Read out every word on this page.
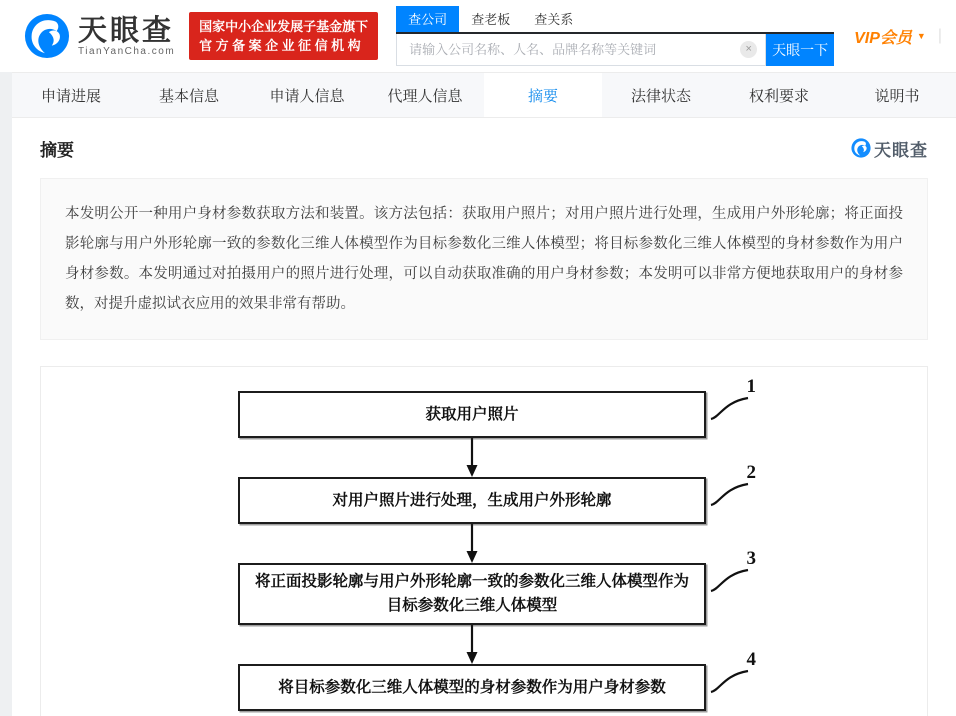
天眼查
TianYanCha.com
国家中小企业发展子基金旗下
官方备案企业征信机构
查公司	查老板	查关系
请输入公司名称、人名、品牌名称等关键词
×	天眼一下
VIP会员 ▼ |
申请进展	基本信息	申请人信息	代理人信息	摘要	法律状态	权利要求	说明书
摘要	天眼查
本发明公开一种用户身材参数获取方法和装置。该方法包括：获取用户照片；对用户照片进行处理，生成用户外形轮廓；将正面投影轮廓与用户外形轮廓一致的参数化三维人体模型作为目标参数化三维人体模型；将目标参数化三维人体模型的身材参数作为用户身材参数。本发明通过对拍摄用户的照片进行处理，可以自动获取准确的用户身材参数；本发明可以非常方便地获取用户的身材参数，对提升虚拟试衣应用的效果非常有帮助。
获取用户照片
1
对用户照片进行处理，生成用户外形轮廓
2
将正面投影轮廓与用户外形轮廓一致的参数化三维人体模型作为目标参数化三维人体模型
3
将目标参数化三维人体模型的身材参数作为用户身材参数
4
